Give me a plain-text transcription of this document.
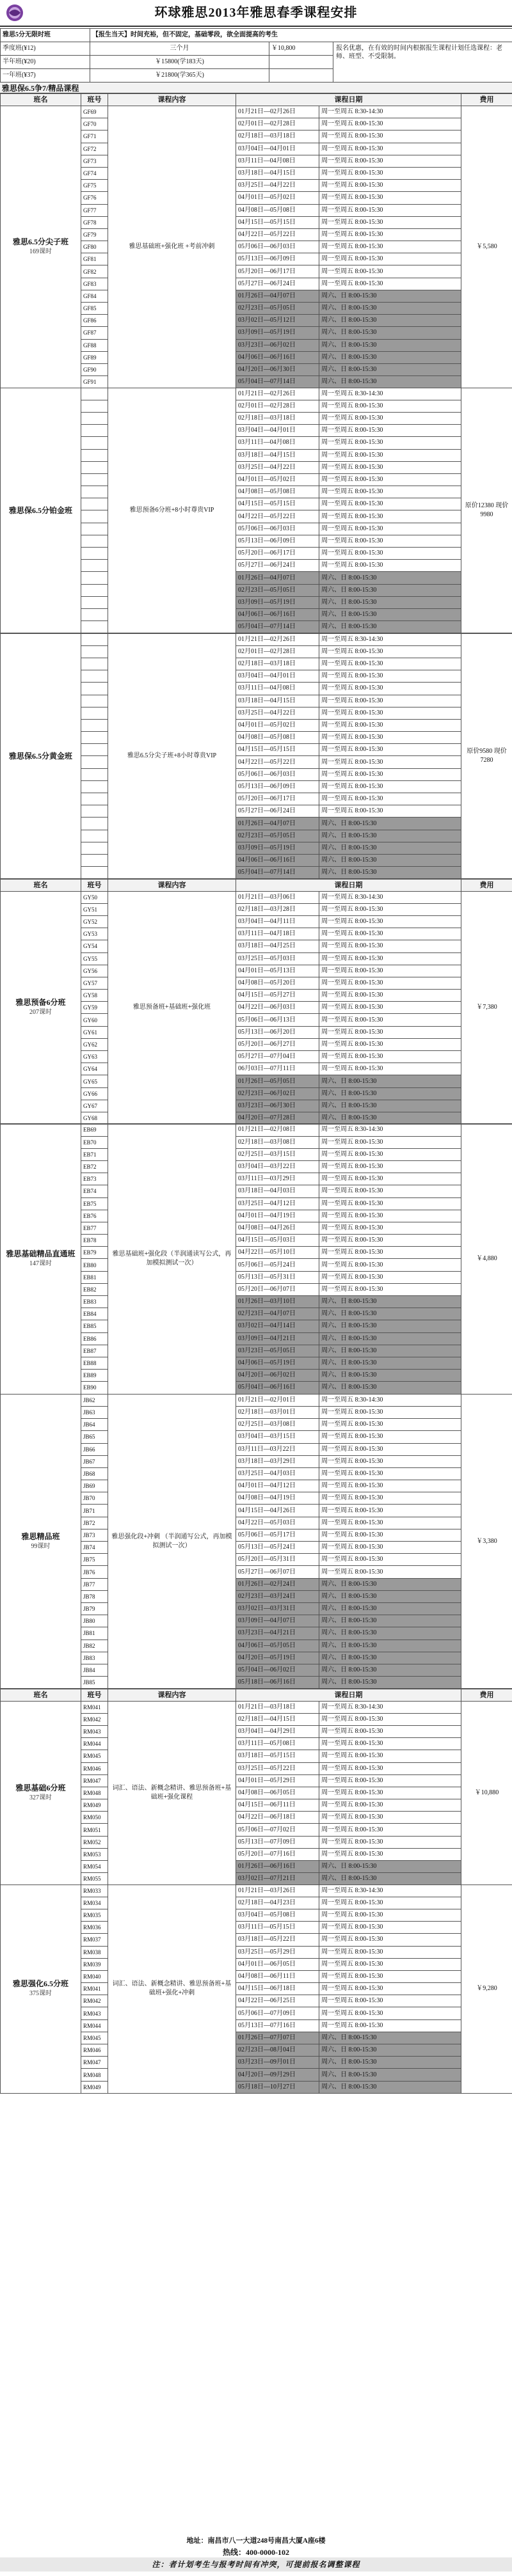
环球雅思2013年雅思春季课程安排
雅思5分无限时班	【报生当天】时间充裕，但不固定，基础零段，欲全面提高的考生		
季度班(¥12)	三个月	￥10,800	报名优惠，在有效的时间内根据报生课程计划任选课程：老师、班型、不受限制。
半年班(¥20)	￥15800(学183天)		
一年班(¥37)	￥21800(学365天)		
雅思保6.5争7/精品课程
班名	班号	课程内容	课程日期		费用
雅思6.5分尖子班
169课时	GF69	雅思基础班+强化班 +考前冲刺	01月21日—02月26日	周一至周五 8:30-14:30	￥5,580
	GF70		02月01日—02月28日	周一至周五 8:00-15:30	
	GF71		02月18日—03月18日	周一至周五 8:00-15:30	
	GF72		03月04日—04月01日	周一至周五 8:00-15:30	
	GF73		03月11日—04月08日	周一至周五 8:00-15:30	
	GF74		03月18日—04月15日	周一至周五 8:00-15:30	
	GF75		03月25日—04月22日	周一至周五 8:00-15:30	
	GF76		04月01日—05月02日	周一至周五 8:00-15:30	
	GF77		04月08日—05月08日	周一至周五 8:00-15:30	
	GF78		04月15日—05月15日	周一至周五 8:00-15:30	
	GF79		04月22日—05月22日	周一至周五 8:00-15:30	
	GF80		05月06日—06月03日	周一至周五 8:00-15:30	
	GF81		05月13日—06月09日	周一至周五 8:00-15:30	
	GF82		05月20日—06月17日	周一至周五 8:00-15:30	
	GF83		05月27日—06月24日	周一至周五 8:00-15:30	
	GF84		01月26日—04月07日	周六、日 8:00-15:30	
	GF85		02月23日—05月05日	周六、日 8:00-15:30	
	GF86		03月02日—05月12日	周六、日 8:00-15:30	
	GF87		03月09日—05月19日	周六、日 8:00-15:30	
	GF88		03月23日—06月02日	周六、日 8:00-15:30	
	GF89		04月06日—06月16日	周六、日 8:00-15:30	
	GF90		04月20日—06月30日	周六、日 8:00-15:30	
	GF91		05月04日—07月14日	周六、日 8:00-15:30	
雅思保6.5分铂金班		雅思预备6分班+8小时尊贵VIP	01月21日—02月26日	周一至周五 8:30-14:30	原价12380 现价9980
			02月01日—02月28日	周一至周五 8:00-15:30	
			02月18日—03月18日	周一至周五 8:00-15:30	
			03月04日—04月01日	周一至周五 8:00-15:30	
			03月11日—04月08日	周一至周五 8:00-15:30	
			03月18日—04月15日	周一至周五 8:00-15:30	
			03月25日—04月22日	周一至周五 8:00-15:30	
			04月01日—05月02日	周一至周五 8:00-15:30	
			04月08日—05月08日	周一至周五 8:00-15:30	
			04月15日—05月15日	周一至周五 8:00-15:30	
			04月22日—05月22日	周一至周五 8:00-15:30	
			05月06日—06月03日	周一至周五 8:00-15:30	
			05月13日—06月09日	周一至周五 8:00-15:30	
			05月20日—06月17日	周一至周五 8:00-15:30	
			05月27日—06月24日	周一至周五 8:00-15:30	
			01月26日—04月07日	周六、日 8:00-15:30	
			02月23日—05月05日	周六、日 8:00-15:30	
			03月09日—05月19日	周六、日 8:00-15:30	
			04月06日—06月16日	周六、日 8:00-15:30	
			05月04日—07月14日	周六、日 8:00-15:30	
雅思保6.5分黄金班		雅思6.5分尖子班+8小时尊贵VIP	01月21日—02月26日	周一至周五 8:30-14:30	原价9580 现价7280
			02月01日—02月28日	周一至周五 8:00-15:30	
			02月18日—03月18日	周一至周五 8:00-15:30	
			03月04日—04月01日	周一至周五 8:00-15:30	
			03月11日—04月08日	周一至周五 8:00-15:30	
			03月18日—04月15日	周一至周五 8:00-15:30	
			03月25日—04月22日	周一至周五 8:00-15:30	
			04月01日—05月02日	周一至周五 8:00-15:30	
			04月08日—05月08日	周一至周五 8:00-15:30	
			04月15日—05月15日	周一至周五 8:00-15:30	
			04月22日—05月22日	周一至周五 8:00-15:30	
			05月06日—06月03日	周一至周五 8:00-15:30	
			05月13日—06月09日	周一至周五 8:00-15:30	
			05月20日—06月17日	周一至周五 8:00-15:30	
			05月27日—06月24日	周一至周五 8:00-15:30	
			01月26日—04月07日	周六、日 8:00-15:30	
			02月23日—05月05日	周六、日 8:00-15:30	
			03月09日—05月19日	周六、日 8:00-15:30	
			04月06日—06月16日	周六、日 8:00-15:30	
			05月04日—07月14日	周六、日 8:00-15:30	
班名	班号	课程内容	课程日期		费用
雅思预备6分班
207课时	GY50	雅思预备班+基础班+强化班	01月21日—03月06日	周一至周五 8:30-14:30	￥7,380
	GY51		02月18日—03月28日	周一至周五 8:00-15:30	
	GY52		03月04日—04月11日	周一至周五 8:00-15:30	
	GY53		03月11日—04月18日	周一至周五 8:00-15:30	
	GY54		03月18日—04月25日	周一至周五 8:00-15:30	
	GY55		03月25日—05月03日	周一至周五 8:00-15:30	
	GY56		04月01日—05月13日	周一至周五 8:00-15:30	
	GY57		04月08日—05月20日	周一至周五 8:00-15:30	
	GY58		04月15日—05月27日	周一至周五 8:00-15:30	
	GY59		04月22日—06月03日	周一至周五 8:00-15:30	
	GY60		05月06日—06月13日	周一至周五 8:00-15:30	
	GY61		05月13日—06月20日	周一至周五 8:00-15:30	
	GY62		05月20日—06月27日	周一至周五 8:00-15:30	
	GY63		05月27日—07月04日	周一至周五 8:00-15:30	
	GY64		06月03日—07月11日	周一至周五 8:00-15:30	
	GY65		01月26日—05月05日	周六、日 8:00-15:30	
	GY66		02月23日—06月02日	周六、日 8:00-15:30	
	GY67		03月23日—06月30日	周六、日 8:00-15:30	
	GY68		04月20日—07月28日	周六、日 8:00-15:30	
雅思基础精品直通班
147课时	EB69	雅思基础班+强化段（半润通读写公式，再加模拟测试一次）	01月21日—02月08日	周一至周五 8:30-14:30	￥4,880
	EB70		02月18日—03月08日	周一至周五 8:00-15:30	
	EB71		02月25日—03月15日	周一至周五 8:00-15:30	
	EB72		03月04日—03月22日	周一至周五 8:00-15:30	
	EB73		03月11日—03月29日	周一至周五 8:00-15:30	
	EB74		03月18日—04月03日	周一至周五 8:00-15:30	
	EB75		03月25日—04月12日	周一至周五 8:00-15:30	
	EB76		04月01日—04月19日	周一至周五 8:00-15:30	
	EB77		04月08日—04月26日	周一至周五 8:00-15:30	
	EB78		04月15日—05月03日	周一至周五 8:00-15:30	
	EB79		04月22日—05月10日	周一至周五 8:00-15:30	
	EB80		05月06日—05月24日	周一至周五 8:00-15:30	
	EB81		05月13日—05月31日	周一至周五 8:00-15:30	
	EB82		05月20日—06月07日	周一至周五 8:00-15:30	
	EB83		01月26日—03月10日	周六、日 8:00-15:30	
	EB84		02月23日—04月07日	周六、日 8:00-15:30	
	EB85		03月02日—04月14日	周六、日 8:00-15:30	
	EB86		03月09日—04月21日	周六、日 8:00-15:30	
	EB87		03月23日—05月05日	周六、日 8:00-15:30	
	EB88		04月06日—05月19日	周六、日 8:00-15:30	
	EB89		04月20日—06月02日	周六、日 8:00-15:30	
	EB90		05月04日—06月16日	周六、日 8:00-15:30	
雅思精品班
99课时	JB62	雅思强化段+冲刺 （半润通写公式，再加模拟测试一次）	01月21日—02月01日	周一至周五 8:30-14:30	￥3,380
	JB63		02月18日—03月01日	周一至周五 8:00-15:30	
	JB64		02月25日—03月08日	周一至周五 8:00-15:30	
	JB65		03月04日—03月15日	周一至周五 8:00-15:30	
	JB66		03月11日—03月22日	周一至周五 8:00-15:30	
	JB67		03月18日—03月29日	周一至周五 8:00-15:30	
	JB68		03月25日—04月03日	周一至周五 8:00-15:30	
	JB69		04月01日—04月12日	周一至周五 8:00-15:30	
	JB70		04月08日—04月19日	周一至周五 8:00-15:30	
	JB71		04月15日—04月26日	周一至周五 8:00-15:30	
	JB72		04月22日—05月03日	周一至周五 8:00-15:30	
	JB73		05月06日—05月17日	周一至周五 8:00-15:30	
	JB74		05月13日—05月24日	周一至周五 8:00-15:30	
	JB75		05月20日—05月31日	周一至周五 8:00-15:30	
	JB76		05月27日—06月07日	周一至周五 8:00-15:30	
	JB77		01月26日—02月24日	周六、日 8:00-15:30	
	JB78		02月23日—03月24日	周六、日 8:00-15:30	
	JB79		03月02日—03月31日	周六、日 8:00-15:30	
	JB80		03月09日—04月07日	周六、日 8:00-15:30	
	JB81		03月23日—04月21日	周六、日 8:00-15:30	
	JB82		04月06日—05月05日	周六、日 8:00-15:30	
	JB83		04月20日—05月19日	周六、日 8:00-15:30	
	JB84		05月04日—06月02日	周六、日 8:00-15:30	
	JB85		05月18日—06月16日	周六、日 8:00-15:30	
班名	班号	课程内容	课程日期		费用
雅思基础6分班
327课时	RM041	词汇、语法、新概念精讲、雅思预备班+基础班+强化课程	01月21日—03月18日	周一至周五 8:30-14:30	￥10,880
	RM042		02月18日—04月15日	周一至周五 8:00-15:30	
	RM043		03月04日—04月29日	周一至周五 8:00-15:30	
	RM044		03月11日—05月08日	周一至周五 8:00-15:30	
	RM045		03月18日—05月15日	周一至周五 8:00-15:30	
	RM046		03月25日—05月22日	周一至周五 8:00-15:30	
	RM047		04月01日—05月29日	周一至周五 8:00-15:30	
	RM048		04月08日—06月05日	周一至周五 8:00-15:30	
	RM049		04月15日—06月11日	周一至周五 8:00-15:30	
	RM050		04月22日—06月18日	周一至周五 8:00-15:30	
	RM051		05月06日—07月02日	周一至周五 8:00-15:30	
	RM052		05月13日—07月09日	周一至周五 8:00-15:30	
	RM053		05月20日—07月16日	周一至周五 8:00-15:30	
	RM054		01月26日—06月16日	周六、日 8:00-15:30	
	RM055		03月02日—07月21日	周六、日 8:00-15:30	
雅思强化6.5分班
375课时	RM033	词汇、语法、新概念精讲、雅思预备班+基础班+强化+冲刺	01月21日—03月26日	周一至周五 8:30-14:30	￥9,280
	RM034		02月18日—04月23日	周一至周五 8:00-15:30	
	RM035		03月04日—05月08日	周一至周五 8:00-15:30	
	RM036		03月11日—05月15日	周一至周五 8:00-15:30	
	RM037		03月18日—05月22日	周一至周五 8:00-15:30	
	RM038		03月25日—05月29日	周一至周五 8:00-15:30	
	RM039		04月01日—06月05日	周一至周五 8:00-15:30	
	RM040		04月08日—06月11日	周一至周五 8:00-15:30	
	RM041		04月15日—06月18日	周一至周五 8:00-15:30	
	RM042		04月22日—06月25日	周一至周五 8:00-15:30	
	RM043		05月06日—07月09日	周一至周五 8:00-15:30	
	RM044		05月13日—07月16日	周一至周五 8:00-15:30	
	RM045		01月26日—07月07日	周六、日 8:00-15:30	
	RM046		02月23日—08月04日	周六、日 8:00-15:30	
	RM047		03月23日—09月01日	周六、日 8:00-15:30	
	RM048		04月20日—09月29日	周六、日 8:00-15:30	
	RM049		05月18日—10月27日	周六、日 8:00-15:30	
地址：南昌市八一大道248号南昌大厦A座6楼
热线：400-0000-102
注：者计划考生与报考时间有冲突，可提前报名调整课程
